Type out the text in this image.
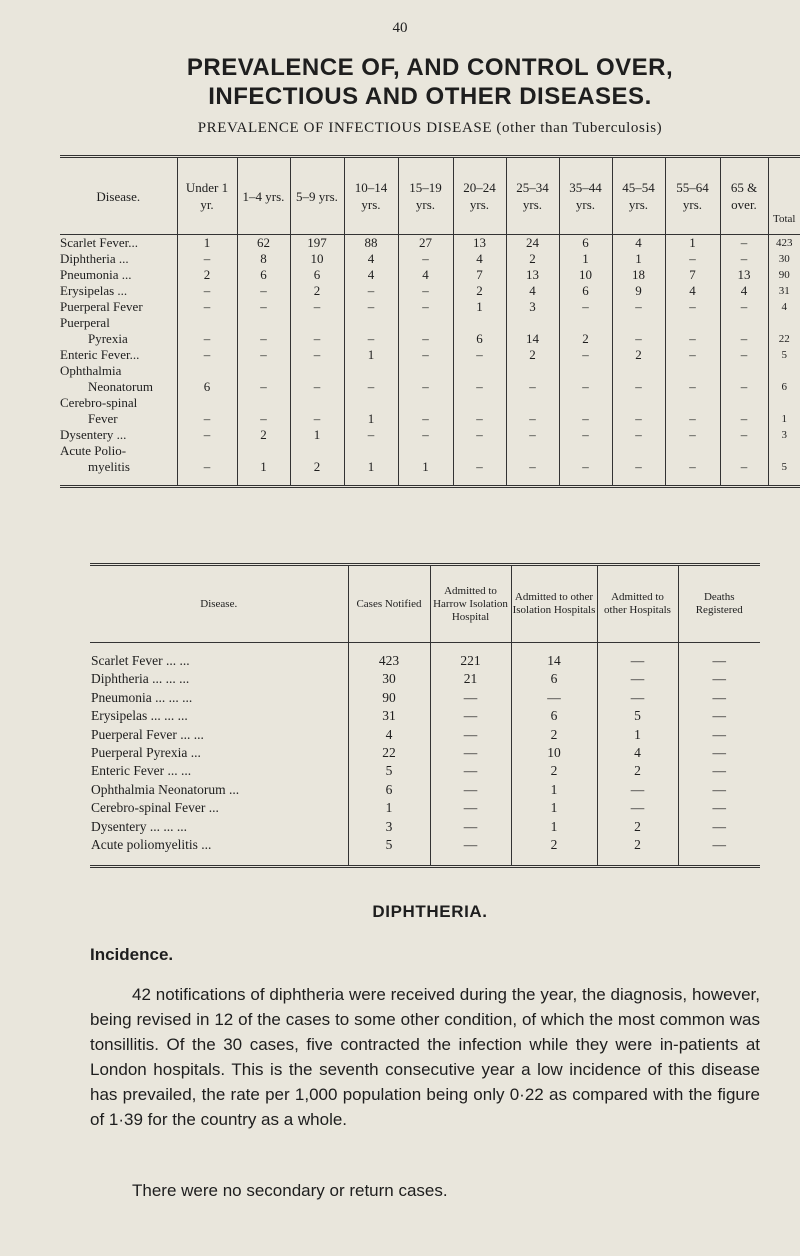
40
PREVALENCE OF, AND CONTROL OVER,
INFECTIOUS AND OTHER DISEASES.
PREVALENCE OF INFECTIOUS DISEASE (other than Tuberculosis)
Disease.	Under 1 yr.	1–4 yrs.	5–9 yrs.	10–14 yrs.	15–19 yrs.	20–24 yrs.	25–34 yrs.	35–44 yrs.	45–54 yrs.	55–64 yrs.	65 & over.	Total
Scarlet Fever...	1	62	197	88	27	13	24	6	4	1	–	423
Diphtheria ...	–	8	10	4	–	4	2	1	1	–	–	30
Pneumonia ...	2	6	6	4	4	7	13	10	18	7	13	90
Erysipelas ...	–	–	2	–	–	2	4	6	9	4	4	31
Puerperal Fever	–	–	–	–	–	1	3	–	–	–	–	4
Puerperal												
Pyrexia	–	–	–	–	–	6	14	2	–	–	–	22
Enteric Fever...	–	–	–	1	–	–	2	–	2	–	–	5
Ophthalmia												
Neonatorum	6	–	–	–	–	–	–	–	–	–	–	6
Cerebro-spinal												
Fever	–	–	–	1	–	–	–	–	–	–	–	1
Dysentery ...	–	2	1	–	–	–	–	–	–	–	–	3
Acute Polio-												
myelitis	–	1	2	1	1	–	–	–	–	–	–	5
Disease.	Cases Notified	Admitted to Harrow Isolation Hospital	Admitted to other Isolation Hospitals	Admitted to other Hospitals	Deaths Registered
Scarlet Fever ... ...	423	221	14	—	—
Diphtheria ... ... ...	30	21	6	—	—
Pneumonia ... ... ...	90	—	—	—	—
Erysipelas ... ... ...	31	—	6	5	—
Puerperal Fever ... ...	4	—	2	1	—
Puerperal Pyrexia ...	22	—	10	4	—
Enteric Fever ... ...	5	—	2	2	—
Ophthalmia Neonatorum ...	6	—	1	—	—
Cerebro-spinal Fever ...	1	—	1	—	—
Dysentery ... ... ...	3	—	1	2	—
Acute poliomyelitis ...	5	—	2	2	—
DIPHTHERIA.
Incidence.
42 notifications of diphtheria were received during the year, the diagnosis, however, being revised in 12 of the cases to some other condition, of which the most common was tonsillitis. Of the 30 cases, five contracted the infection while they were in-patients at London hospitals. This is the seventh consecutive year a low incidence of this disease has prevailed, the rate per 1,000 population being only 0·22 as compared with the figure of 1·39 for the country as a whole.
There were no secondary or return cases.
